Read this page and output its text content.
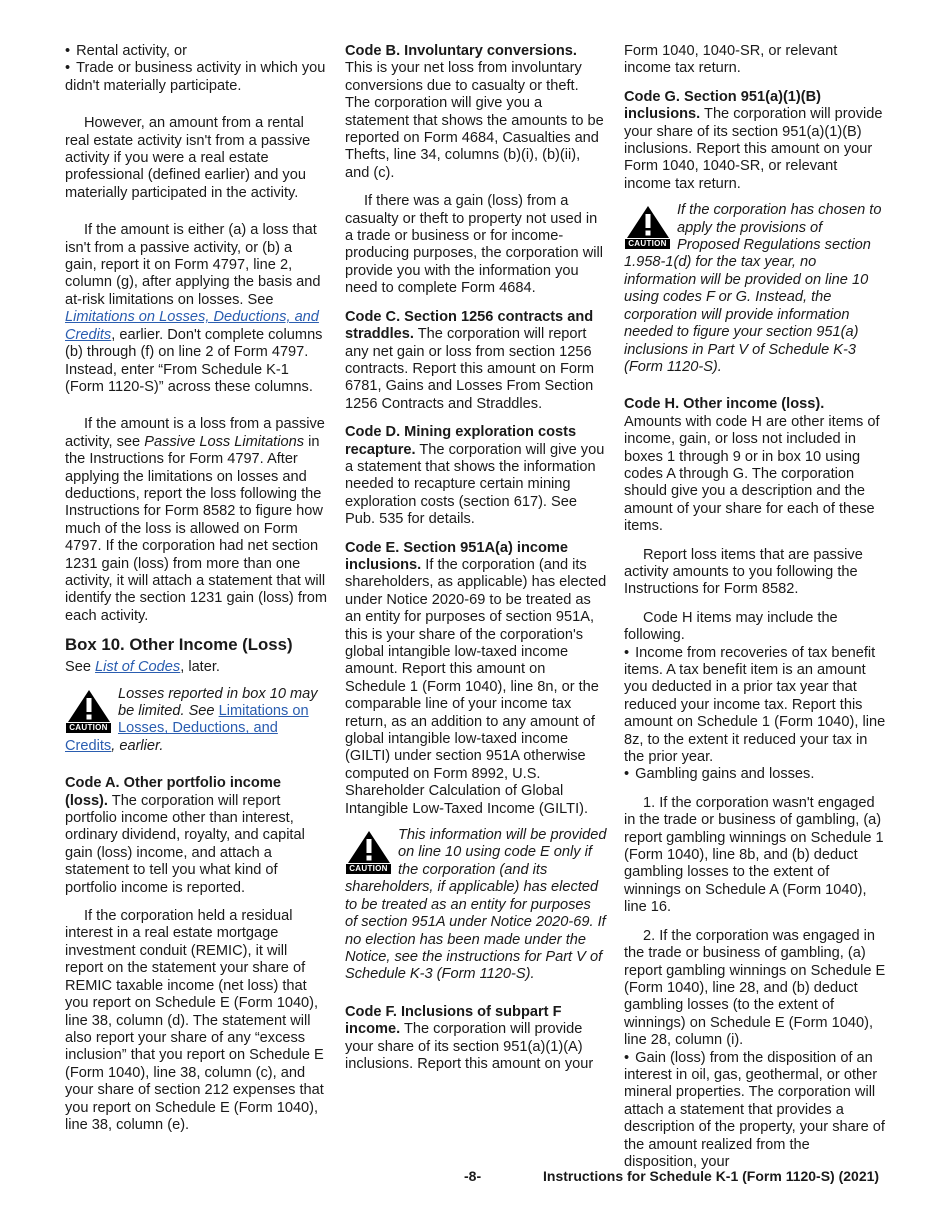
• Rental activity, or

• Trade or business activity in which you didn't materially participate.

However, an amount from a rental real estate activity isn't from a passive activity if you were a real estate professional (defined earlier) and you materially participated in the activity.

If the amount is either (a) a loss that isn't from a passive activity, or (b) a gain, report it on Form 4797, line 2, column (g), after applying the basis and at-risk limitations on losses. See Limitations on Losses, Deductions, and Credits, earlier. Don't complete columns (b) through (f) on line 2 of Form 4797. Instead, enter “From Schedule K-1 (Form 1120-S)” across these columns.

If the amount is a loss from a passive activity, see Passive Loss Limitations in the Instructions for Form 4797. After applying the limitations on losses and deductions, report the loss following the Instructions for Form 8582 to figure how much of the loss is allowed on Form 4797. If the corporation had net section 1231 gain (loss) from more than one activity, it will attach a statement that will identify the section 1231 gain (loss) from each activity.

Box 10. Other Income (Loss)

See List of Codes, later.

CAUTION
Losses reported in box 10 may be limited. See Limitations on Losses, Deductions, and Credits, earlier.

Code A. Other portfolio income (loss). The corporation will report portfolio income other than interest, ordinary dividend, royalty, and capital gain (loss) income, and attach a statement to tell you what kind of portfolio income is reported.

If the corporation held a residual interest in a real estate mortgage investment conduit (REMIC), it will report on the statement your share of REMIC taxable income (net loss) that you report on Schedule E (Form 1040), line 38, column (d). The statement will also report your share of any “excess inclusion” that you report on Schedule E (Form 1040), line 38, column (c), and your share of section 212 expenses that you report on Schedule E (Form 1040), line 38, column (e).

Code B. Involuntary conversions. This is your net loss from involuntary conversions due to casualty or theft. The corporation will give you a statement that shows the amounts to be reported on Form 4684, Casualties and Thefts, line 34, columns (b)(i), (b)(ii), and (c).

If there was a gain (loss) from a casualty or theft to property not used in a trade or business or for income-producing purposes, the corporation will provide you with the information you need to complete Form 4684.

Code C. Section 1256 contracts and straddles. The corporation will report any net gain or loss from section 1256 contracts. Report this amount on Form 6781, Gains and Losses From Section 1256 Contracts and Straddles.

Code D. Mining exploration costs recapture. The corporation will give you a statement that shows the information needed to recapture certain mining exploration costs (section 617). See Pub. 535 for details.

Code E. Section 951A(a) income inclusions. If the corporation (and its shareholders, as applicable) has elected under Notice 2020-69 to be treated as an entity for purposes of section 951A, this is your share of the corporation's global intangible low-taxed income amount. Report this amount on Schedule 1 (Form 1040), line 8n, or the comparable line of your income tax return, as an addition to any amount of global intangible low-taxed income (GILTI) under section 951A otherwise computed on Form 8992, U.S. Shareholder Calculation of Global Intangible Low-Taxed Income (GILTI).

CAUTION
This information will be provided on line 10 using code E only if the corporation (and its shareholders, if applicable) has elected to be treated as an entity for purposes of section 951A under Notice 2020-69. If no election has been made under the Notice, see the instructions for Part V of Schedule K-3 (Form 1120-S).

Code F. Inclusions of subpart F income. The corporation will provide your share of its section 951(a)(1)(A) inclusions. Report this amount on your

Form 1040, 1040-SR, or relevant income tax return.

Code G. Section 951(a)(1)(B) inclusions. The corporation will provide your share of its section 951(a)(1)(B) inclusions. Report this amount on your Form 1040, 1040-SR, or relevant income tax return.

CAUTION
If the corporation has chosen to apply the provisions of Proposed Regulations section 1.958-1(d) for the tax year, no information will be provided on line 10 using codes F or G. Instead, the corporation will provide information needed to figure your section 951(a) inclusions in Part V of Schedule K-3 (Form 1120-S).

Code H. Other income (loss).

Amounts with code H are other items of income, gain, or loss not included in boxes 1 through 9 or in box 10 using codes A through G. The corporation should give you a description and the amount of your share for each of these items.

Report loss items that are passive activity amounts to you following the Instructions for Form 8582.

Code H items may include the following.

• Income from recoveries of tax benefit items. A tax benefit item is an amount you deducted in a prior tax year that reduced your income tax. Report this amount on Schedule 1 (Form 1040), line 8z, to the extent it reduced your tax in the prior year.

• Gambling gains and losses.

1. If the corporation wasn't engaged in the trade or business of gambling, (a) report gambling winnings on Schedule 1 (Form 1040), line 8b, and (b) deduct gambling losses to the extent of winnings on Schedule A (Form 1040), line 16.

2. If the corporation was engaged in the trade or business of gambling, (a) report gambling winnings on Schedule E (Form 1040), line 28, and (b) deduct gambling losses (to the extent of winnings) on Schedule E (Form 1040), line 28, column (i).

• Gain (loss) from the disposition of an interest in oil, gas, geothermal, or other mineral properties. The corporation will attach a statement that provides a description of the property, your share of the amount realized from the disposition, your

-8-	Instructions for Schedule K-1 (Form 1120-S) (2021)
